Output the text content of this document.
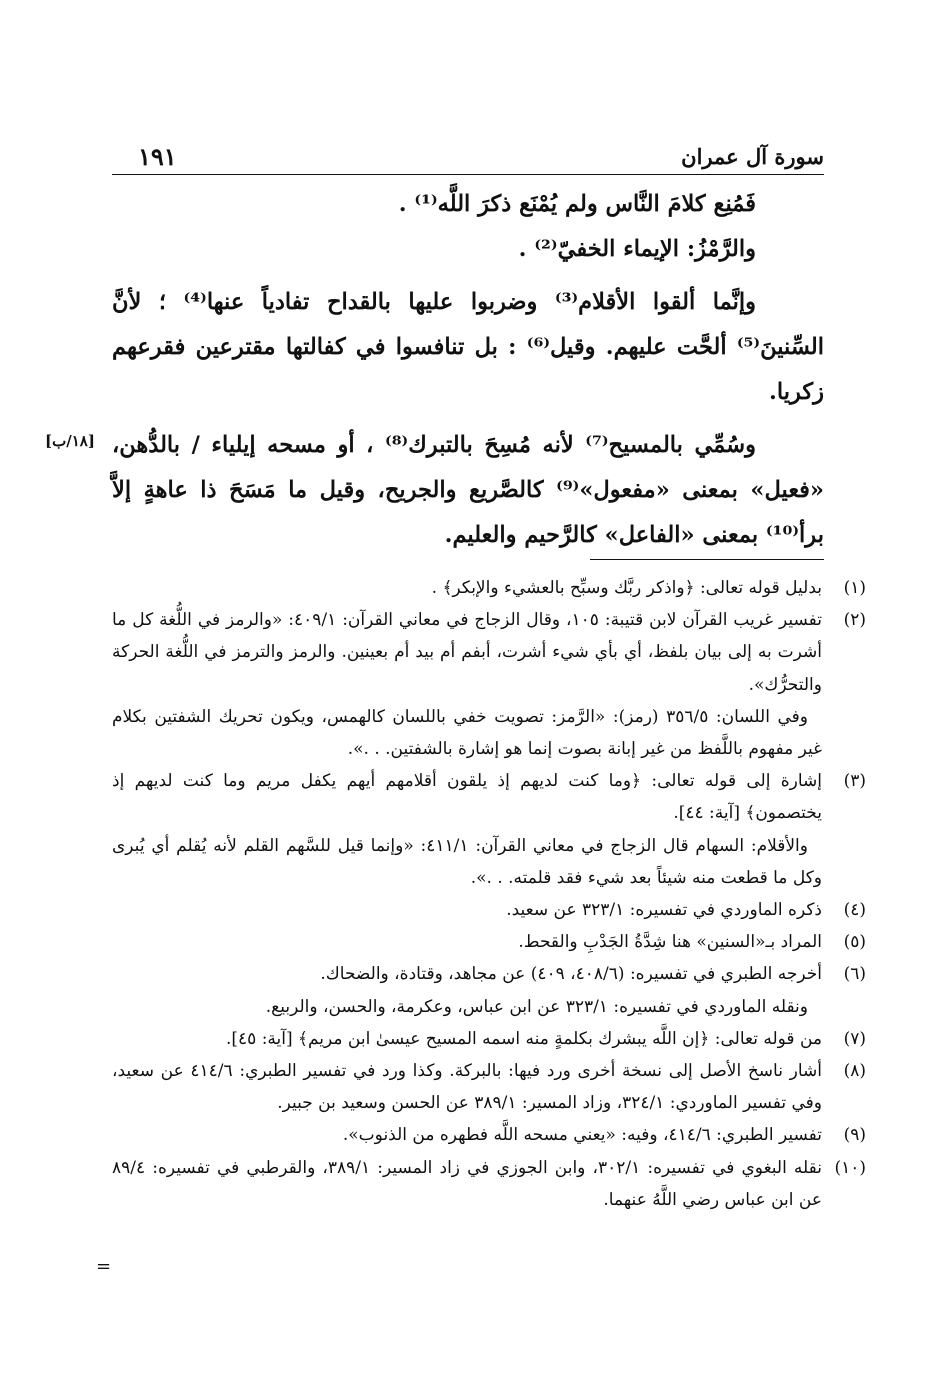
١٩١	سورة آل عمران

فَمُنِع كلامَ النَّاس ولم يُمْنَع ذكرَ اللَّه⁽¹⁾ .

والرَّمْزُ: الإيماء الخفيّ⁽²⁾ .

وإنَّما ألقوا الأقلام⁽³⁾ وضربوا عليها بالقداح تفادياً عنها⁽⁴⁾ ؛ لأنَّ السِّنينَ⁽⁵⁾ ألحَّت عليهم. وقيل⁽⁶⁾ : بل تنافسوا في كفالتها مقترعين فقرعهم زكريا.

وسُمِّي بالمسيح⁽⁷⁾ لأنه مُسِحَ بالتبرك⁽⁸⁾ ، أو مسحه إيلياء / بالدُّهن، «فعيل» بمعنى «مفعول»⁽⁹⁾ كالصَّريع والجريح، وقيل ما مَسَحَ ذا عاهةٍ إلاَّ برأ⁽¹⁰⁾ بمعنى «الفاعل» كالرَّحيم والعليم.

[١٨/ب]
(١)

بدليل قوله تعالى: ﴿واذكر ربَّك وسبِّح بالعشيء والإبكر﴾ .

(٢)

تفسير غريب القرآن لابن قتيبة: ١٠٥، وقال الزجاج في معاني القرآن: ٤٠٩/١: «والرمز في اللُّغة كل ما أشرت به إلى بيان بلفظ، أي بأي شيء أشرت، أبفم أم بيد أم بعينين. والرمز والترمز في اللُّغة الحركة والتحرُّك».

وفي اللسان: ٣٥٦/٥ (رمز): «الرَّمز: تصويت خفي باللسان كالهمس، ويكون تحريك الشفتين بكلام غير مفهوم باللَّفظ من غير إبانة بصوت إنما هو إشارة بالشفتين. . .».

(٣)

إشارة إلى قوله تعالى: ﴿وما كنت لديهم إذ يلقون أقلامهم أيهم يكفل مريم وما كنت لديهم إذ يختصمون﴾ [آية: ٤٤].

والأقلام: السهام قال الزجاج في معاني القرآن: ٤١١/١: «وإنما قيل للسَّهم القلم لأنه يُقلم أي يُبرى وكل ما قطعت منه شيئاً بعد شيء فقد قلمته. . .».

(٤)

ذكره الماوردي في تفسيره: ٣٢٣/١ عن سعيد.

(٥)

المراد بـ«السنين» هنا شِدَّةُ الجَدْبِ والقحط.

(٦)

أخرجه الطبري في تفسيره: (٤٠٨/٦، ٤٠٩) عن مجاهد، وقتادة، والضحاك.

ونقله الماوردي في تفسيره: ٣٢٣/١ عن ابن عباس، وعكرمة، والحسن، والربيع.

(٧)

من قوله تعالى: ﴿إن اللَّه يبشرك بكلمةٍ منه اسمه المسيح عيسىٰ ابن مريم﴾ [آية: ٤٥].

(٨)

أشار ناسخ الأصل إلى نسخة أخرى ورد فيها: بالبركة. وكذا ورد في تفسير الطبري: ٤١٤/٦ عن سعيد، وفي تفسير الماوردي: ٣٢٤/١، وزاد المسير: ٣٨٩/١ عن الحسن وسعيد بن جبير.

(٩)

تفسير الطبري: ٤١٤/٦، وفيه: «يعني مسحه اللَّه فطهره من الذنوب».

(١٠)

نقله البغوي في تفسيره: ٣٠٢/١، وابن الجوزي في زاد المسير: ٣٨٩/١، والقرطبي في تفسيره: ٨٩/٤ عن ابن عباس رضي اللَّهُ عنهما.

=
